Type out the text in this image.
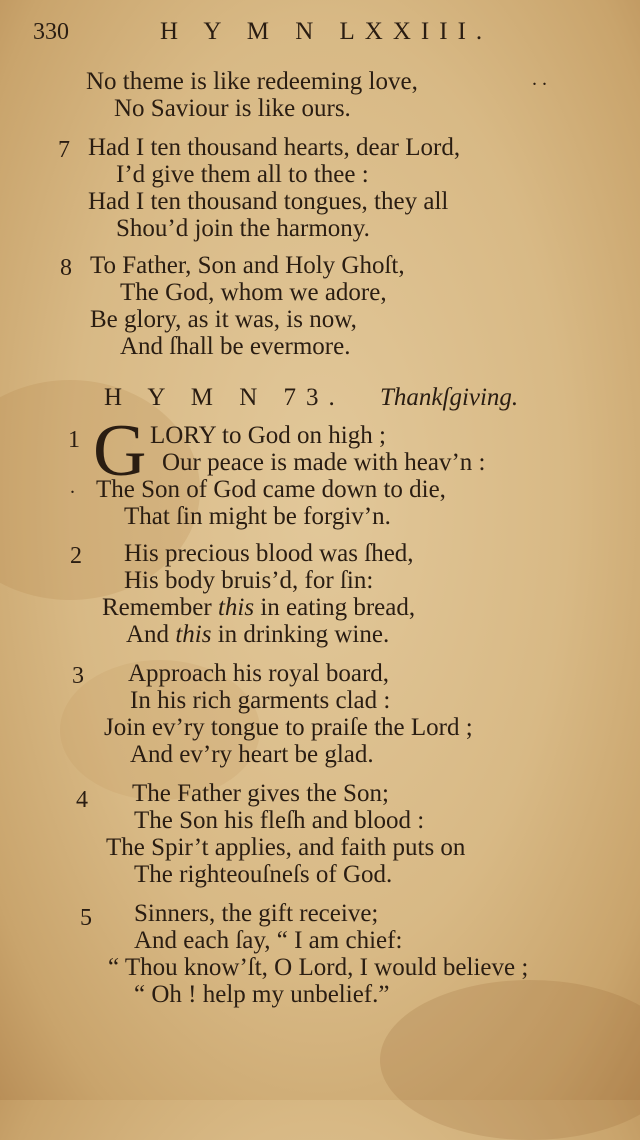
330	H Y M N LXXIII.
No theme is like redeeming love,
No Saviour is like ours.
. .
7 Had I ten thousand hearts, dear Lord,
I’d give them all to thee :
Had I ten thousand tongues, they all
Shou’d join the harmony.
8 To Father, Son and Holy Ghoſt,
The God, whom we adore,
Be glory, as it was, is now,
And ſhall be evermore.
H Y M N 73. Thankſgiving.
1 G LORY to God on high ;
Our peace is made with heav’n :
. The Son of God came down to die,
That ſin might be forgiv’n.
2 His precious blood was ſhed,
His body bruis’d, for ſin:
Remember this in eating bread,
And this in drinking wine.
3 Approach his royal board,
In his rich garments clad :
Join ev’ry tongue to praiſe the Lord ;
And ev’ry heart be glad.
4 The Father gives the Son;
The Son his fleſh and blood :
The Spir’t applies, and faith puts on
The righteouſneſs of God.
5 Sinners, the gift receive;
And each ſay, “ I am chief:
“ Thou know’ſt, O Lord, I would believe ;
“ Oh ! help my unbelief.”
